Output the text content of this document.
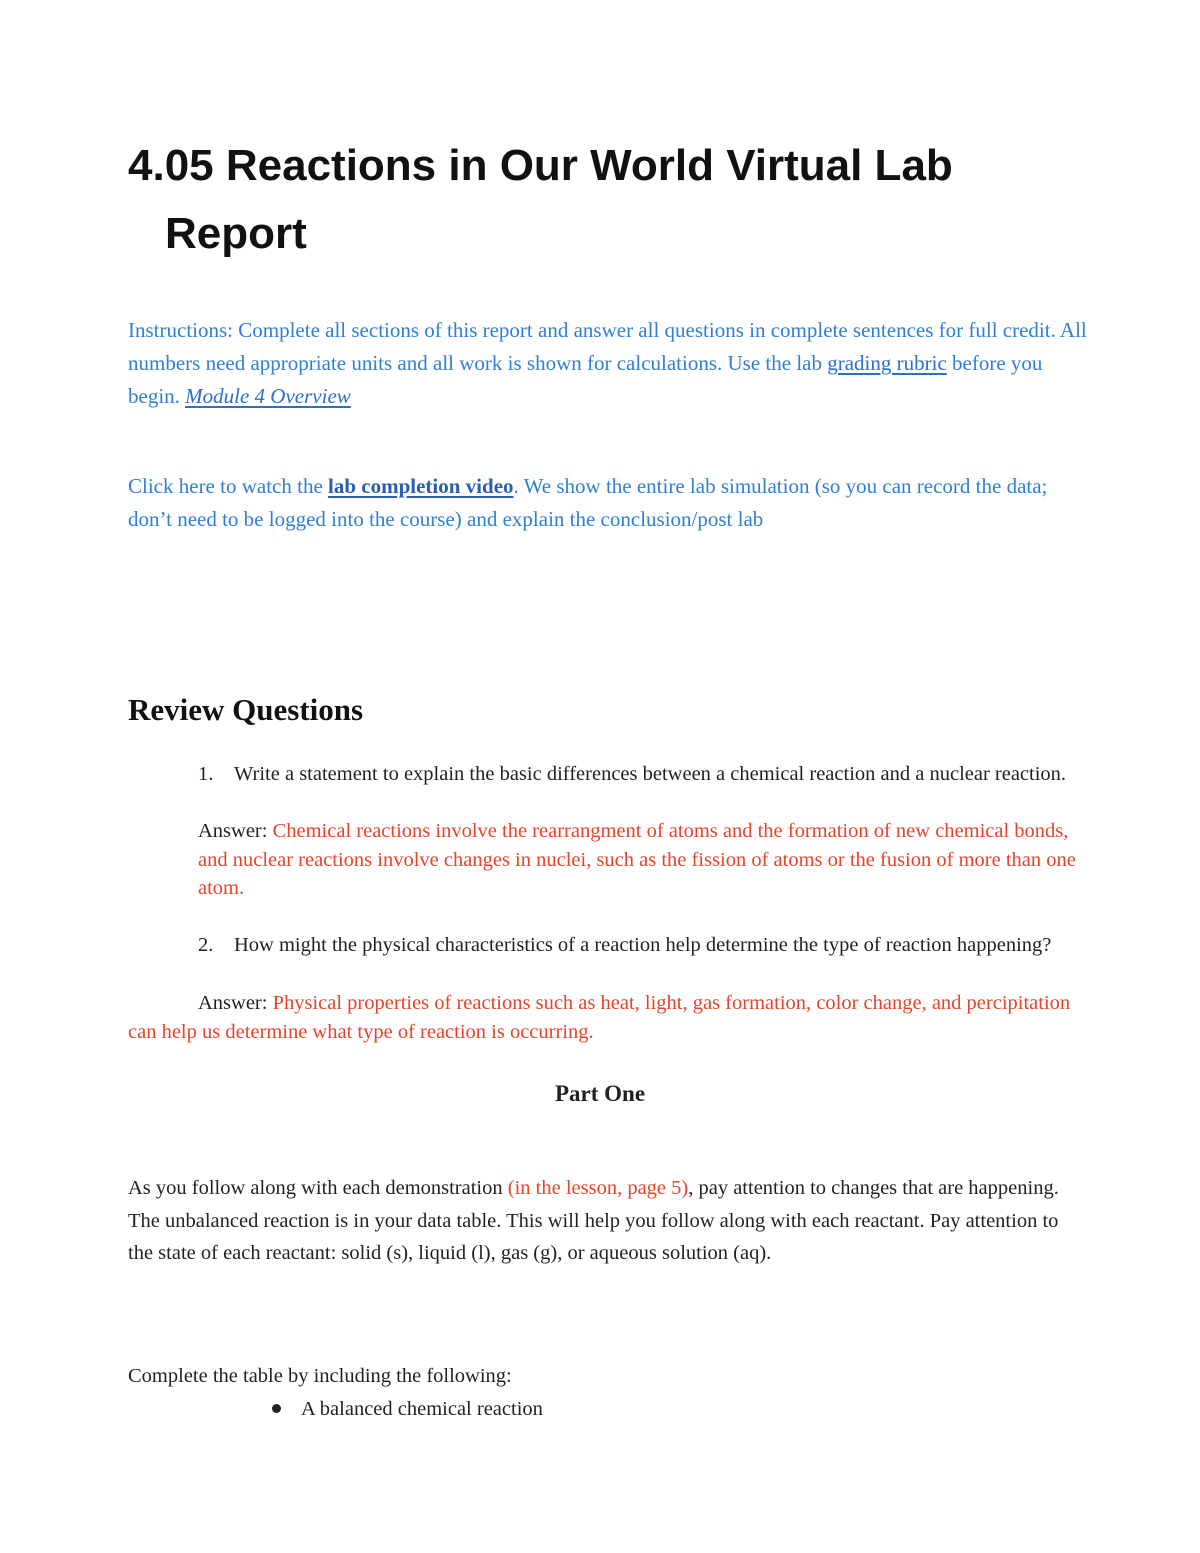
4.05 Reactions in Our World Virtual Lab
Report

Instructions: Complete all sections of this report and answer all questions in complete sentences for full credit. All numbers need appropriate units and all work is shown for calculations. Use the lab grading rubric before you begin. Module 4 Overview

Click here to watch the lab completion video. We show the entire lab simulation (so you can record the data; don’t need to be logged into the course) and explain the conclusion/post lab

Review Questions
1.	Write a statement to explain the basic differences between a chemical reaction and a nuclear reaction.

Answer: Chemical reactions involve the rearrangment of atoms and the formation of new chemical bonds, and nuclear reactions involve changes in nuclei, such as the fission of atoms or the fusion of more than one atom.

2.	How might the physical characteristics of a reaction help determine the type of reaction happening?

Answer: Physical properties of reactions such as heat, light, gas formation, color change, and percipitation can help us determine what type of reaction is occurring.

Part One

As you follow along with each demonstration (in the lesson, page 5), pay attention to changes that are happening. The unbalanced reaction is in your data table. This will help you follow along with each reactant. Pay attention to the state of each reactant: solid (s), liquid (l), gas (g), or aqueous solution (aq).

Complete the table by including the following:

A balanced chemical reaction
